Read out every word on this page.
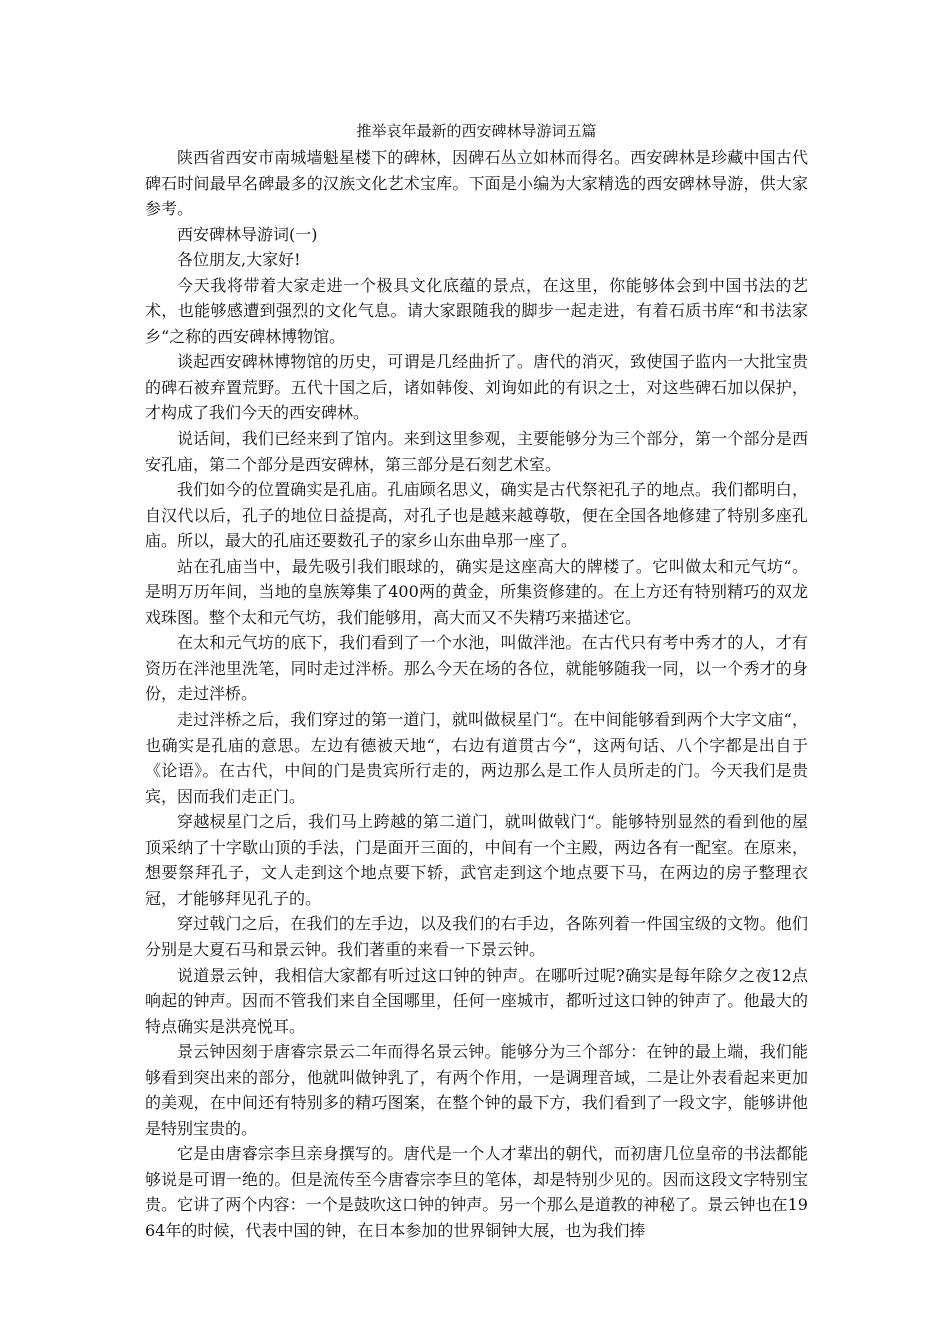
推举哀年最新的西安碑林导游词五篇

陕西省西安市南城墙魁星楼下的碑林，因碑石丛立如林而得名。西安碑林是珍藏中国古代碑石时间最早名碑最多的汉族文化艺术宝库。下面是小编为大家精选的西安碑林导游，供大家参考。

西安碑林导游词(一)

各位朋友,大家好!

今天我将带着大家走进一个极具文化底蕴的景点，在这里，你能够体会到中国书法的艺术，也能够感遭到强烈的文化气息。请大家跟随我的脚步一起走进，有着石质书库“和书法家乡“之称的西安碑林博物馆。

谈起西安碑林博物馆的历史，可谓是几经曲折了。唐代的消灭，致使国子监内一大批宝贵的碑石被弃置荒野。五代十国之后，诸如韩俊、刘询如此的有识之士，对这些碑石加以保护，才构成了我们今天的西安碑林。

说话间，我们已经来到了馆内。来到这里参观，主要能够分为三个部分，第一个部分是西安孔庙，第二个部分是西安碑林，第三部分是石刻艺术室。

我们如今的位置确实是孔庙。孔庙顾名思义，确实是古代祭祀孔子的地点。我们都明白，自汉代以后，孔子的地位日益提高，对孔子也是越来越尊敬，便在全国各地修建了特别多座孔庙。所以，最大的孔庙还要数孔子的家乡山东曲阜那一座了。

站在孔庙当中，最先吸引我们眼球的，确实是这座高大的牌楼了。它叫做太和元气坊“。是明万历年间，当地的皇族筹集了400两的黄金，所集资修建的。在上方还有特别精巧的双龙戏珠图。整个太和元气坊，我们能够用，高大而又不失精巧来描述它。

在太和元气坊的底下，我们看到了一个水池，叫做泮池。在古代只有考中秀才的人，才有资历在泮池里洗笔，同时走过泮桥。那么今天在场的各位，就能够随我一同，以一个秀才的身份，走过泮桥。

走过泮桥之后，我们穿过的第一道门，就叫做棂星门“。在中间能够看到两个大字文庙“，也确实是孔庙的意思。左边有德被天地“，右边有道贯古今“，这两句话、八个字都是出自于《论语》。在古代，中间的门是贵宾所行走的，两边那么是工作人员所走的门。今天我们是贵宾，因而我们走正门。

穿越棂星门之后，我们马上跨越的第二道门，就叫做戟门“。能够特别显然的看到他的屋顶采纳了十字歇山顶的手法，门是面开三面的，中间有一个主殿，两边各有一配室。在原来，想要祭拜孔子，文人走到这个地点要下轿，武官走到这个地点要下马，在两边的房子整理衣冠，才能够拜见孔子的。

穿过戟门之后，在我们的左手边，以及我们的右手边，各陈列着一件国宝级的文物。他们分别是大夏石马和景云钟。我们著重的来看一下景云钟。

说道景云钟，我相信大家都有听过这口钟的钟声。在哪听过呢?确实是每年除夕之夜12点响起的钟声。因而不管我们来自全国哪里，任何一座城市，都听过这口钟的钟声了。他最大的特点确实是洪亮悦耳。

景云钟因刻于唐睿宗景云二年而得名景云钟。能够分为三个部分：在钟的最上端，我们能够看到突出来的部分，他就叫做钟乳了，有两个作用，一是调理音域，二是让外表看起来更加的美观，在中间还有特别多的精巧图案，在整个钟的最下方，我们看到了一段文字，能够讲他是特别宝贵的。

它是由唐睿宗李旦亲身撰写的。唐代是一个人才辈出的朝代，而初唐几位皇帝的书法都能够说是可谓一绝的。但是流传至今唐睿宗李旦的笔体，却是特别少见的。因而这段文字特别宝贵。它讲了两个内容：一个是鼓吹这口钟的钟声。另一个那么是道教的神秘了。景云钟也在1964年的时候，代表中国的钟，在日本参加的世界铜钟大展，也为我们捧
